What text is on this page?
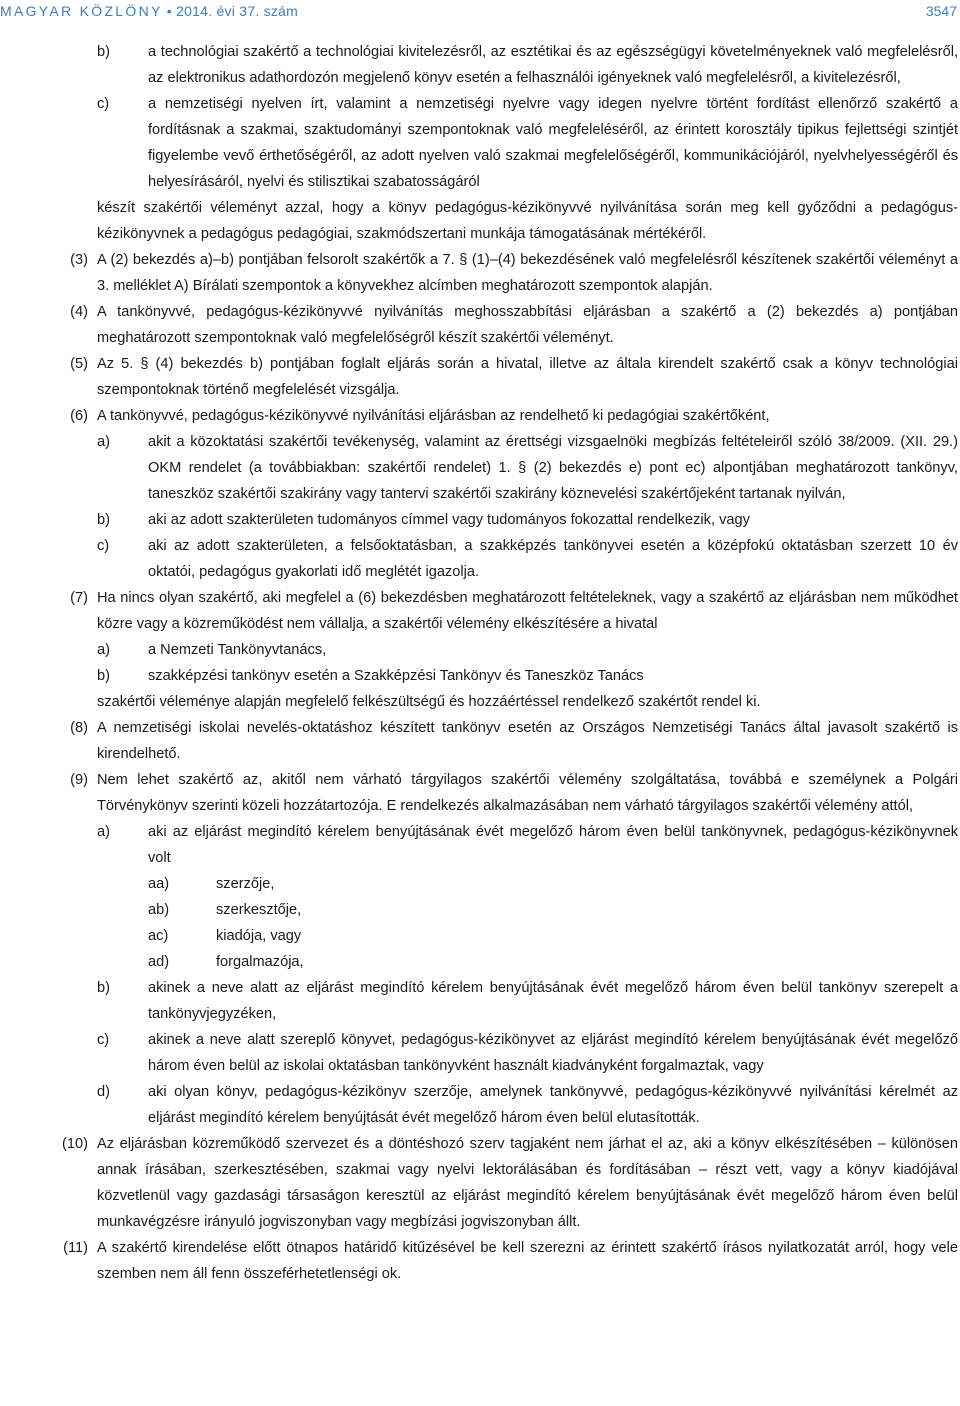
MAGYAR KÖZLÖNY • 2014. évi 37. szám	3547
b)	a technológiai szakértő a technológiai kivitelezésről, az esztétikai és az egészségügyi követelményeknek való megfelelésről, az elektronikus adathordozón megjelenő könyv esetén a felhasználói igényeknek való megfelelésről, a kivitelezésről,
c)	a nemzetiségi nyelven írt, valamint a nemzetiségi nyelvre vagy idegen nyelvre történt fordítást ellenőrző szakértő a fordításnak a szakmai, szaktudományi szempontoknak való megfeleléséről, az érintett korosztály tipikus fejlettségi szintjét figyelembe vevő érthetőségéről, az adott nyelven való szakmai megfelelőségéről, kommunikációjáról, nyelvhelyességéről és helyesírásáról, nyelvi és stilisztikai szabatosságáról
készít szakértői véleményt azzal, hogy a könyv pedagógus-kézikönyvvé nyilvánítása során meg kell győződni a pedagógus-kézikönyvnek a pedagógus pedagógiai, szakmódszertani munkája támogatásának mértékéről.
(3) A (2) bekezdés a)–b) pontjában felsorolt szakértők a 7. § (1)–(4) bekezdésének való megfelelésről készítenek szakértői véleményt a 3. melléklet A) Bírálati szempontok a könyvekhez alcímben meghatározott szempontok alapján.
(4) A tankönyvvé, pedagógus-kézikönyvvé nyilvánítás meghosszabbítási eljárásban a szakértő a (2) bekezdés a) pontjában meghatározott szempontoknak való megfelelőségről készít szakértői véleményt.
(5) Az 5. § (4) bekezdés b) pontjában foglalt eljárás során a hivatal, illetve az általa kirendelt szakértő csak a könyv technológiai szempontoknak történő megfelelését vizsgálja.
(6) A tankönyvvé, pedagógus-kézikönyvvé nyilvánítási eljárásban az rendelhető ki pedagógiai szakértőként,
a)	akit a közoktatási szakértői tevékenység, valamint az érettségi vizsgaelnöki megbízás feltételeiről szóló 38/2009. (XII. 29.) OKM rendelet (a továbbiakban: szakértői rendelet) 1. § (2) bekezdés e) pont ec) alpontjában meghatározott tankönyv, taneszköz szakértői szakirány vagy tantervi szakértői szakirány köznevelési szakértőjeként tartanak nyilván,
b)	aki az adott szakterületen tudományos címmel vagy tudományos fokozattal rendelkezik, vagy
c)	aki az adott szakterületen, a felsőoktatásban, a szakképzés tankönyvei esetén a középfokú oktatásban szerzett 10 év oktatói, pedagógus gyakorlati idő meglétét igazolja.
(7) Ha nincs olyan szakértő, aki megfelel a (6) bekezdésben meghatározott feltételeknek, vagy a szakértő az eljárásban nem működhet közre vagy a közreműködést nem vállalja, a szakértői vélemény elkészítésére a hivatal
a)	a Nemzeti Tankönyvtanács,
b)	szakképzési tankönyv esetén a Szakképzési Tankönyv és Taneszköz Tanács
szakértői véleménye alapján megfelelő felkészültségű és hozzáértéssel rendelkező szakértőt rendel ki.
(8) A nemzetiségi iskolai nevelés-oktatáshoz készített tankönyv esetén az Országos Nemzetiségi Tanács által javasolt szakértő is kirendelhető.
(9) Nem lehet szakértő az, akitől nem várható tárgyilagos szakértői vélemény szolgáltatása, továbbá e személynek a Polgári Törvénykönyv szerinti közeli hozzátartozója. E rendelkezés alkalmazásában nem várható tárgyilagos szakértői vélemény attól,
a)	aki az eljárást megindító kérelem benyújtásának évét megelőző három éven belül tankönyvnek, pedagógus-kézikönyvnek volt
aa)	szerzője,
ab)	szerkesztője,
ac)	kiadója, vagy
ad)	forgalmazója,
b)	akinek a neve alatt az eljárást megindító kérelem benyújtásának évét megelőző három éven belül tankönyv szerepelt a tankönyvjegyzéken,
c)	akinek a neve alatt szereplő könyvet, pedagógus-kézikönyvet az eljárást megindító kérelem benyújtásának évét megelőző három éven belül az iskolai oktatásban tankönyvként használt kiadványként forgalmaztak, vagy
d)	aki olyan könyv, pedagógus-kézikönyv szerzője, amelynek tankönyvvé, pedagógus-kézikönyvvé nyilvánítási kérelmét az eljárást megindító kérelem benyújtását évét megelőző három éven belül elutasították.
(10) Az eljárásban közreműködő szervezet és a döntéshozó szerv tagjaként nem járhat el az, aki a könyv elkészítésében – különösen annak írásában, szerkesztésében, szakmai vagy nyelvi lektorálásában és fordításában – részt vett, vagy a könyv kiadójával közvetlenül vagy gazdasági társaságon keresztül az eljárást megindító kérelem benyújtásának évét megelőző három éven belül munkavégzésre irányuló jogviszonyban vagy megbízási jogviszonyban állt.
(11) A szakértő kirendelése előtt ötnapos határidő kitűzésével be kell szerezni az érintett szakértő írásos nyilatkozatát arról, hogy vele szemben nem áll fenn összeférhetetlenségi ok.
